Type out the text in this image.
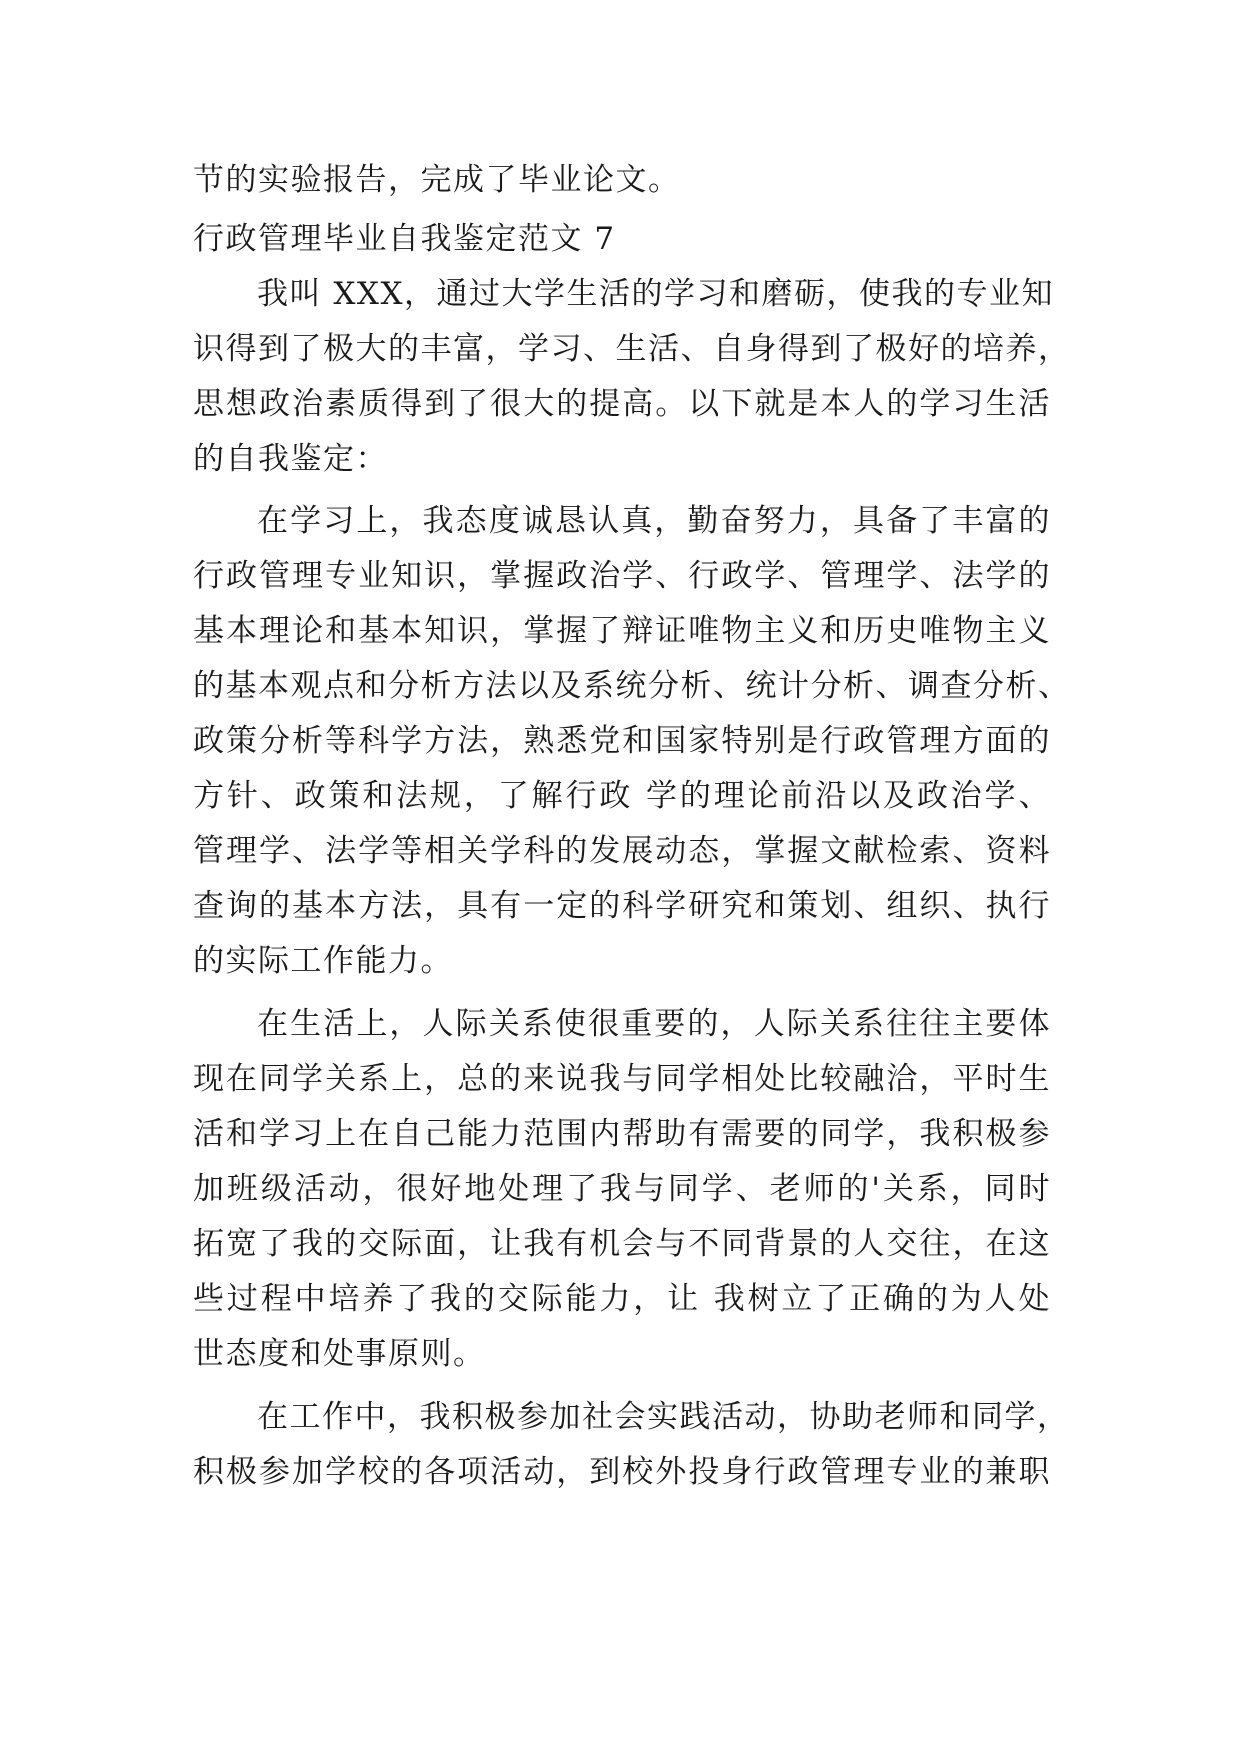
节的实验报告，完成了毕业论文。
行政管理毕业自我鉴定范文 7
我叫 XXX，通过大学生活的学习和磨砺，使我的专业知
识得到了极大的丰富，学习、生活、自身得到了极好的培养，
思想政治素质得到了很大的提高。以下就是本人的学习生活
的自我鉴定：
在学习上，我态度诚恳认真，勤奋努力，具备了丰富的
行政管理专业知识，掌握政治学、行政学、管理学、法学的
基本理论和基本知识，掌握了辩证唯物主义和历史唯物主义
的基本观点和分析方法以及系统分析、统计分析、调查分析、
政策分析等科学方法，熟悉党和国家特别是行政管理方面的
方针、政策和法规，了解行政 学的理论前沿以及政治学、
管理学、法学等相关学科的发展动态，掌握文献检索、资料
查询的基本方法，具有一定的科学研究和策划、组织、执行
的实际工作能力。
在生活上，人际关系使很重要的，人际关系往往主要体
现在同学关系上，总的来说我与同学相处比较融洽，平时生
活和学习上在自己能力范围内帮助有需要的同学，我积极参
加班级活动，很好地处理了我与同学、老师的'关系，同时
拓宽了我的交际面，让我有机会与不同背景的人交往，在这
些过程中培养了我的交际能力，让 我树立了正确的为人处
世态度和处事原则。
在工作中，我积极参加社会实践活动，协助老师和同学，
积极参加学校的各项活动，到校外投身行政管理专业的兼职
